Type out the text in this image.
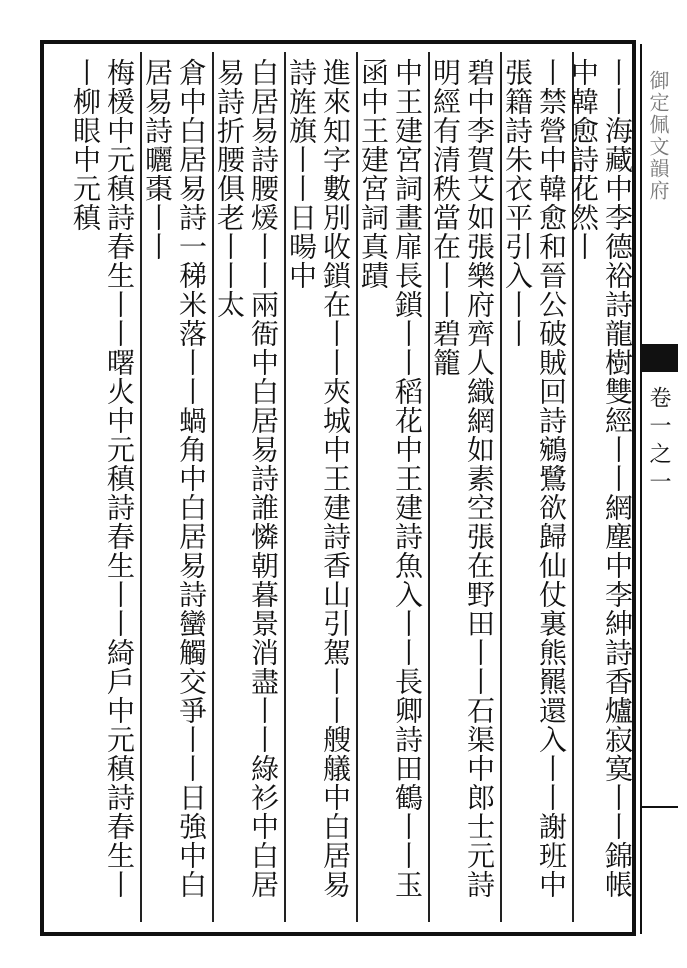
御定佩文韻府
卷一之一
丨丨海藏中李德裕詩龍樹雙經丨丨網塵中李紳詩香爐寂寞丨丨錦帳中韓愈詩花然丨
丨禁營中韓愈和晉公破賊回詩鵷鷺欲歸仙仗裏熊羆還入丨丨謝班中張籍詩朱衣平引入丨丨
碧中李賀艾如張樂府齊人織網如素空張在野田丨丨石渠中郎士元詩明經有清秩當在丨丨碧籠
中王建宮詞畫扉長鎖丨丨稻花中王建詩魚入丨丨長卿詩田鶴丨丨玉函中王建宮詞真蹟
進來知字數別收鎖在丨丨夾城中王建詩香山引駕丨丨艘艤中白居易詩旌旗丨丨日暘中
白居易詩腰煖丨丨兩衙中白居易詩誰憐朝暮景消盡丨丨綠衫中白居易詩折腰俱老丨丨太
倉中白居易詩一稊米落丨丨蝸角中白居易詩蠻觸交爭丨丨日強中白居易詩曬棗丨丨
梅楥中元稹詩春生丨丨曙火中元稹詩春生丨丨綺戶中元稹詩春生丨丨柳眼中元稹
